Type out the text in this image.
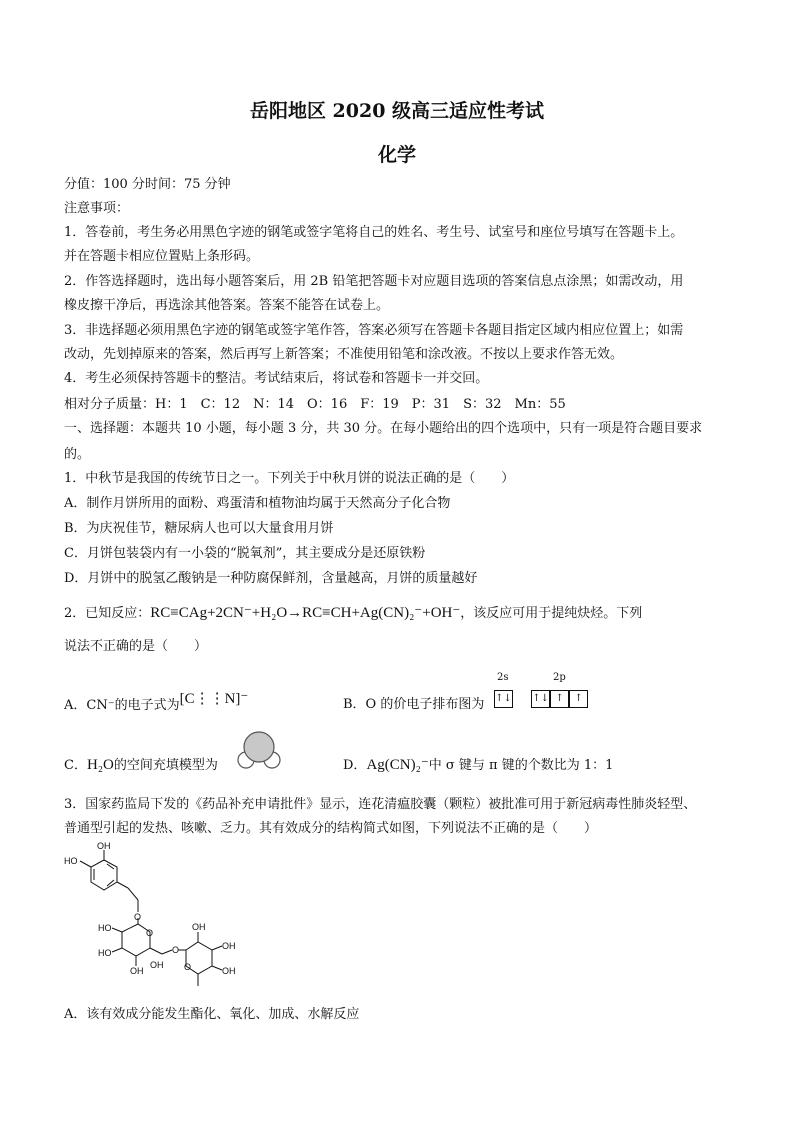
岳阳地区 2020 级高三适应性考试
化学
分值：100 分时间：75 分钟
注意事项：
1．答卷前，考生务必用黑色字迹的钢笔或签字笔将自己的姓名、考生号、试室号和座位号填写在答题卡上。
并在答题卡相应位置贴上条形码。
2．作答选择题时，选出每小题答案后，用 2B 铅笔把答题卡对应题目选项的答案信息点涂黑；如需改动，用
橡皮擦干净后，再选涂其他答案。答案不能答在试卷上。
3．非选择题必须用黑色字迹的钢笔或签字笔作答，答案必须写在答题卡各题目指定区域内相应位置上；如需
改动，先划掉原来的答案，然后再写上新答案；不准使用铅笔和涂改液。不按以上要求作答无效。
4．考生必须保持答题卡的整洁。考试结束后，将试卷和答题卡一并交回。
相对分子质量：H：1　C：12　N：14　O：16　F：19　P：31　S：32　Mn：55
一、选择题：本题共 10 小题，每小题 3 分，共 30 分。在每小题给出的四个选项中，只有一项是符合题目要求
的。
1．中秋节是我国的传统节日之一。下列关于中秋月饼的说法正确的是（　　）
A．制作月饼所用的面粉、鸡蛋清和植物油均属于天然高分子化合物
B．为庆祝佳节，糖尿病人也可以大量食用月饼
C．月饼包装袋内有一小袋的“脱氧剂”，其主要成分是还原铁粉
D．月饼中的脱氢乙酸钠是一种防腐保鲜剂，含量越高，月饼的质量越好
2．已知反应：RC≡CAg+2CN⁻+H₂O→RC≡CH+Ag(CN)₂⁻+OH⁻，该反应可用于提纯炔烃。下列
说法不正确的是（　　）
A．CN⁻的电子式为[C⋮⋮N]⁻	B．O 的价电子排布图为
2s	2p
↑↓ ↑↓ ↑ ↑
C．H₂O的空间充填模型为	D．Ag(CN)₂⁻中 σ 键与 π 键的个数比为 1：1
3．国家药监局下发的《药品补充申请批件》显示，连花清瘟胶囊（颗粒）被批准可用于新冠病毒性肺炎轻型、
普通型引起的发热、咳嗽、乏力。其有效成分的结构简式如图，下列说法不正确的是（　　）
HO
OH
O
HO
HO
OH
O
O
OH
OH
O	OH
OH
A．该有效成分能发生酯化、氧化、加成、水解反应
